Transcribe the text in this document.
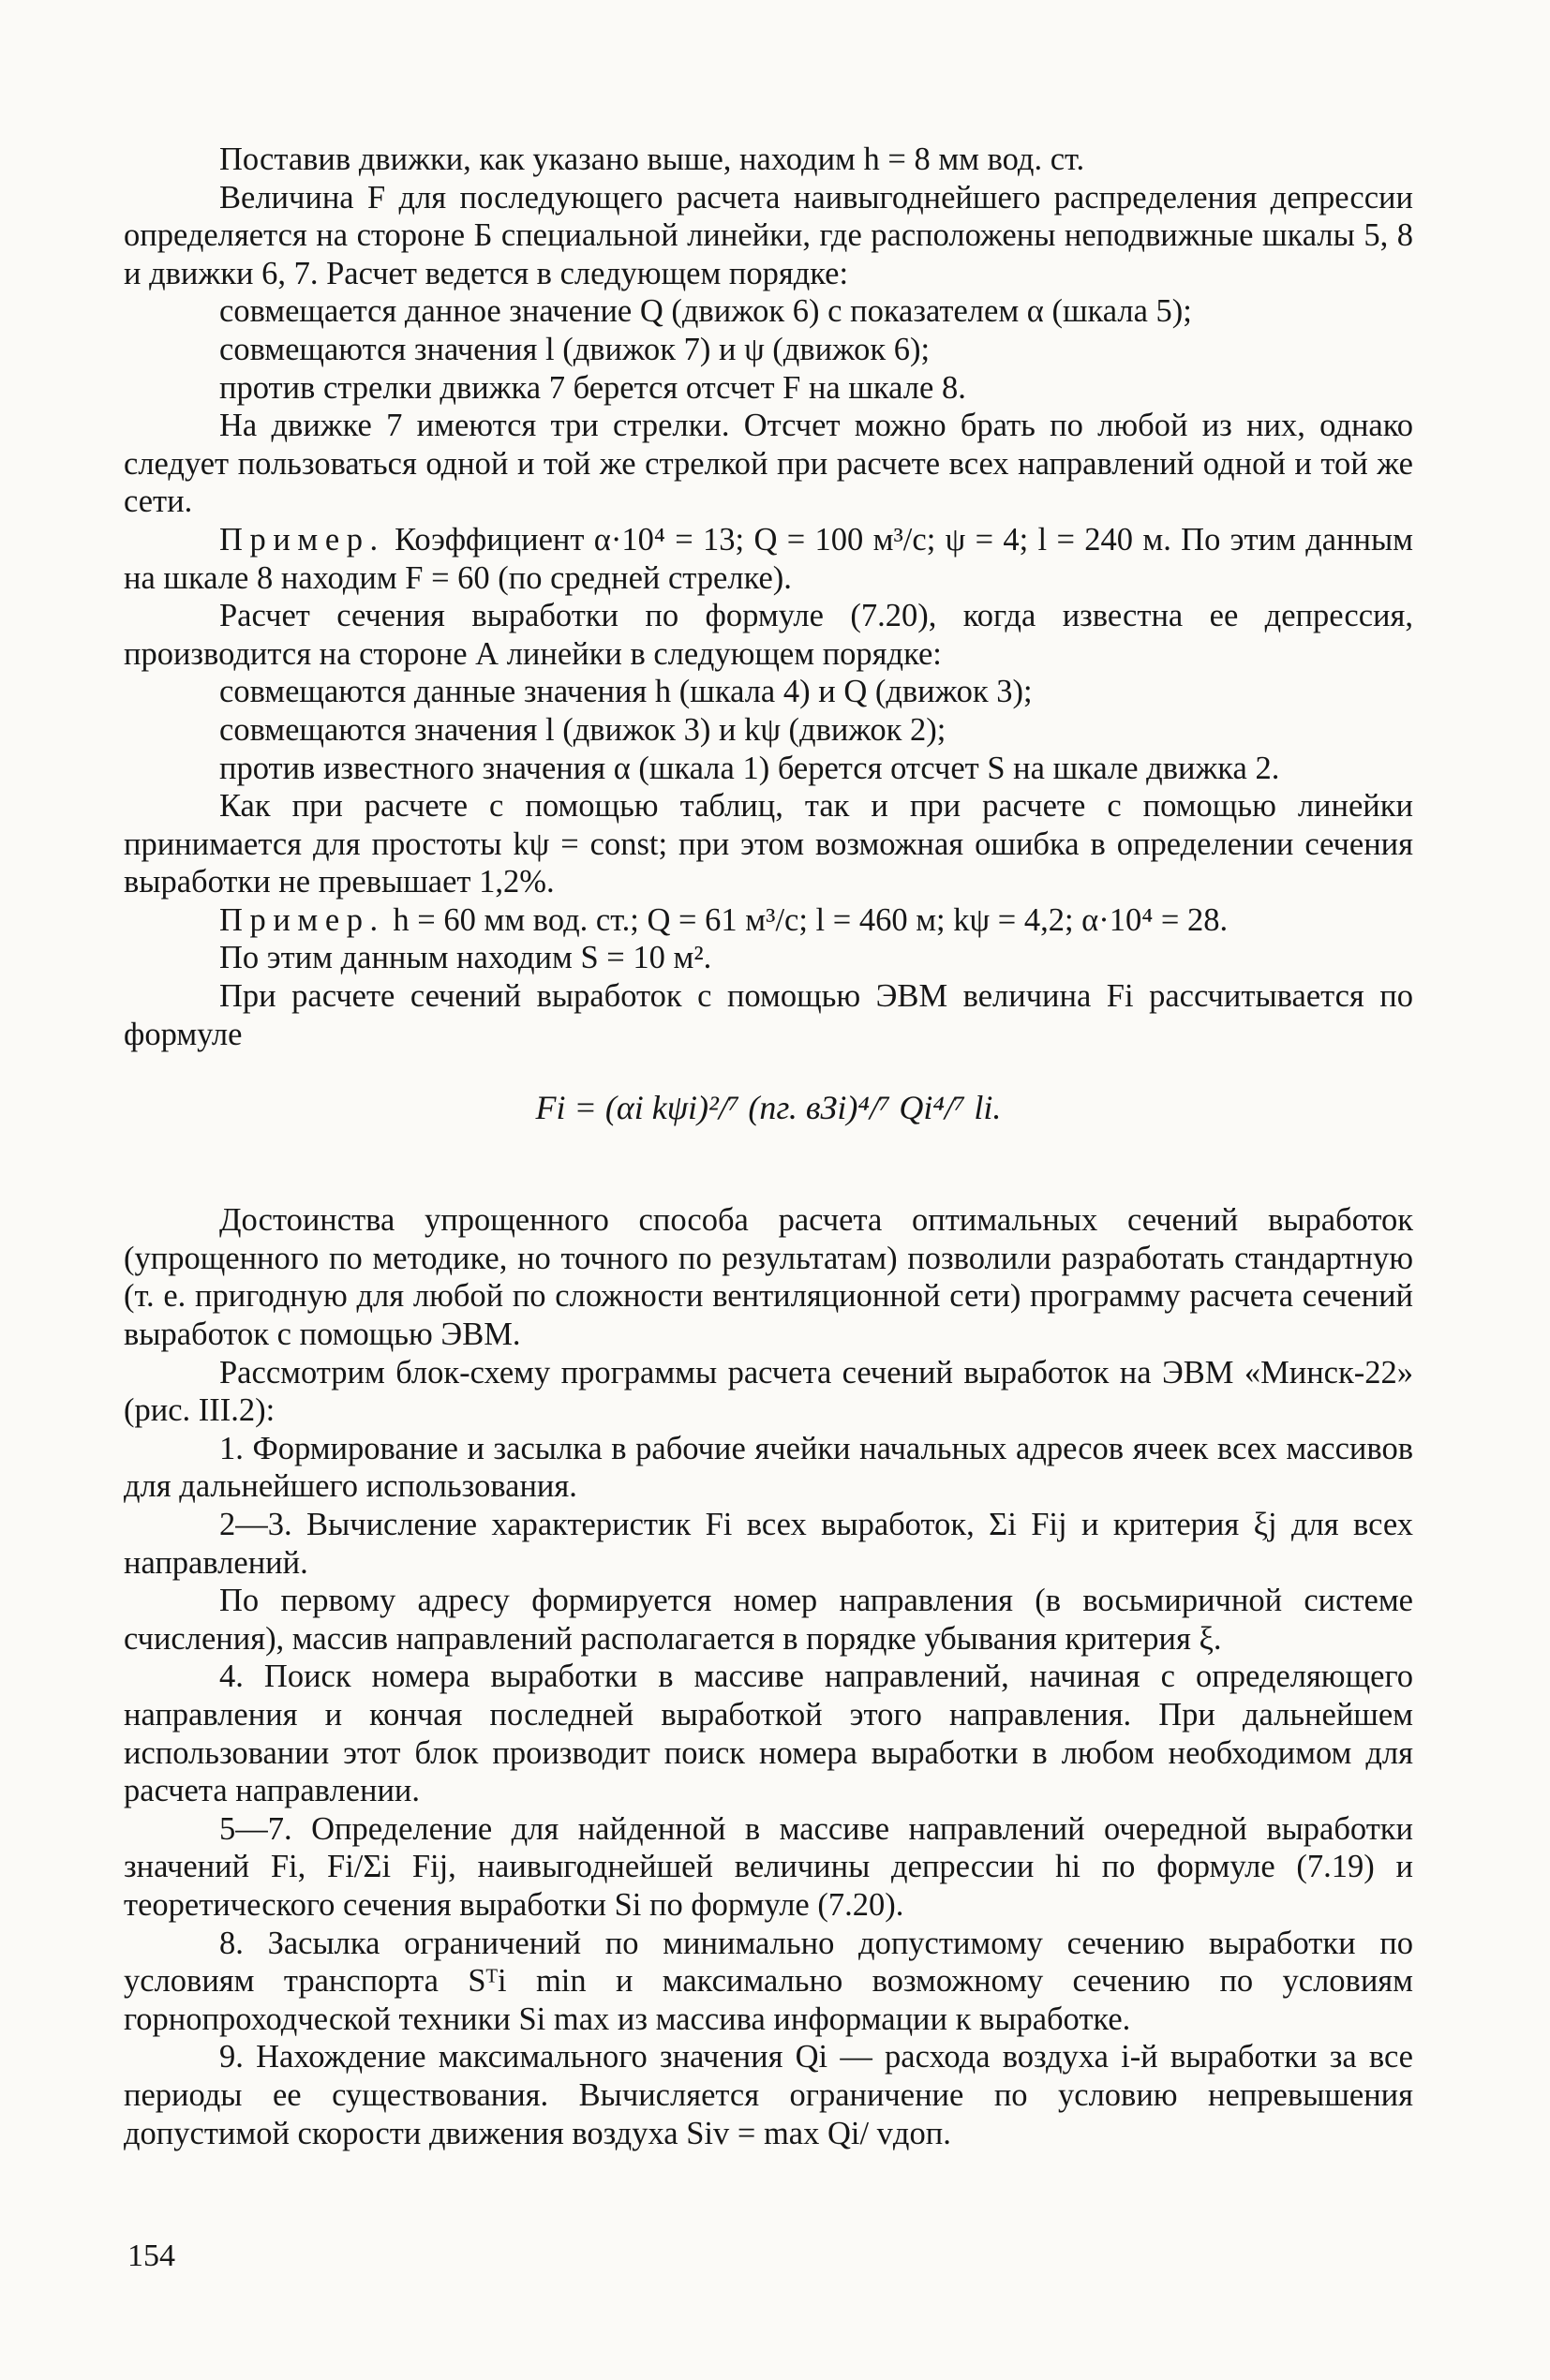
Поставив движки, как указано выше, находим h = 8 мм вод. ст.

Величина F для последующего расчета наивыгоднейшего распределения депрессии определяется на стороне Б специальной линейки, где расположены неподвижные шкалы 5, 8 и движки 6, 7. Расчет ведется в следующем порядке:

совмещается данное значение Q (движок 6) с показателем α (шкала 5);

совмещаются значения l (движок 7) и ψ (движок 6);

против стрелки движка 7 берется отсчет F на шкале 8.

На движке 7 имеются три стрелки. Отсчет можно брать по любой из них, однако следует пользоваться одной и той же стрелкой при расчете всех направлений одной и той же сети.

Пример. Коэффициент α·10⁴ = 13; Q = 100 м³/с; ψ = 4; l = 240 м. По этим данным на шкале 8 находим F = 60 (по средней стрелке).

Расчет сечения выработки по формуле (7.20), когда известна ее депрессия, производится на стороне А линейки в следующем порядке:

совмещаются данные значения h (шкала 4) и Q (движок 3);

совмещаются значения l (движок 3) и kψ (движок 2);

против известного значения α (шкала 1) берется отсчет S на шкале движка 2.

Как при расчете с помощью таблиц, так и при расчете с помощью линейки принимается для простоты kψ = const; при этом возможная ошибка в определении сечения выработки не превышает 1,2%.

Пример. h = 60 мм вод. ст.; Q = 61 м³/с; l = 460 м; kψ = 4,2; α·10⁴ = 28.

По этим данным находим S = 10 м².

При расчете сечений выработок с помощью ЭВМ величина Fi рассчитывается по формуле

Fi = (αi kψi)²/⁷ (nг. вЗi)⁴/⁷ Qi⁴/⁷ li.

Достоинства упрощенного способа расчета оптимальных сечений выработок (упрощенного по методике, но точного по результатам) позволили разработать стандартную (т. е. пригодную для любой по сложности вентиляционной сети) программу расчета сечений выработок с помощью ЭВМ.

Рассмотрим блок-схему программы расчета сечений выработок на ЭВМ «Минск-22» (рис. III.2):

1. Формирование и засылка в рабочие ячейки начальных адресов ячеек всех массивов для дальнейшего использования.

2—3. Вычисление характеристик Fi всех выработок, Σi Fij и критерия ξj для всех направлений.

По первому адресу формируется номер направления (в восьмиричной системе счисления), массив направлений располагается в порядке убывания критерия ξ.

4. Поиск номера выработки в массиве направлений, начиная с определяющего направления и кончая последней выработкой этого направления. При дальнейшем использовании этот блок производит поиск номера выработки в любом необходимом для расчета направлении.

5—7. Определение для найденной в массиве направлений очередной выработки значений Fi, Fi/Σi Fij, наивыгоднейшей величины депрессии hi по формуле (7.19) и теоретического сечения выработки Si по формуле (7.20).

8. Засылка ограничений по минимально допустимому сечению выработки по условиям транспорта Sᵀi min и максимально возможному сечению по условиям горнопроходческой техники Si max из массива информации к выработке.

9. Нахождение максимального значения Qi — расхода воздуха i-й выработки за все периоды ее существования. Вычисляется ограничение по условию непревышения допустимой скорости движения воздуха Siv = max Qi/ vдоп.

154
